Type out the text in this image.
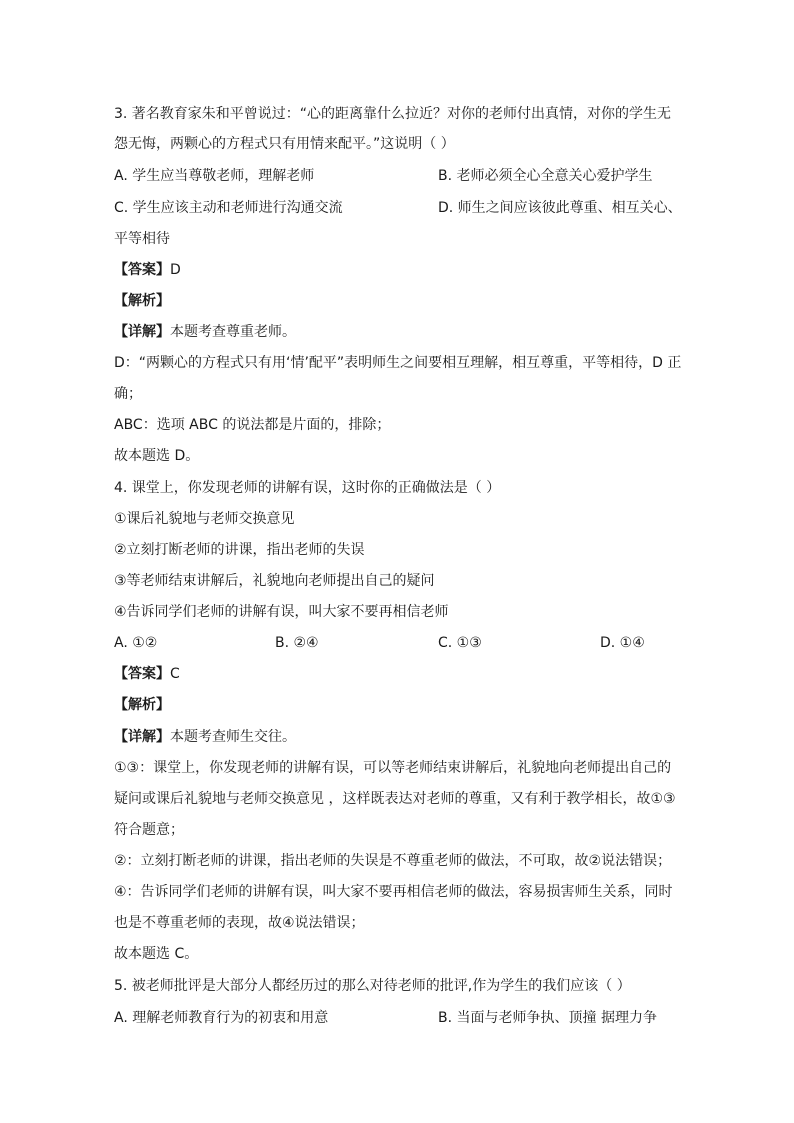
3. 著名教育家朱和平曾说过：“心的距离靠什么拉近？对你的老师付出真情，对你的学生无
怨无悔，两颗心的方程式只有用情来配平。”这说明（ ）
A. 学生应当尊敬老师，理解老师	B. 老师必须全心全意关心爱护学生
C. 学生应该主动和老师进行沟通交流	D. 师生之间应该彼此尊重、相互关心、
平等相待
【答案】D
【解析】
【详解】本题考查尊重老师。
D：“两颗心的方程式只有用‘情’配平”表明师生之间要相互理解，相互尊重，平等相待，D 正
确；
ABC：选项 ABC 的说法都是片面的，排除；
故本题选 D。
4. 课堂上，你发现老师的讲解有误，这时你的正确做法是（ ）
①课后礼貌地与老师交换意见
②立刻打断老师的讲课，指出老师的失误
③等老师结束讲解后，礼貌地向老师提出自己的疑问
④告诉同学们老师的讲解有误，叫大家不要再相信老师
A. ①②	B. ②④	C. ①③	D. ①④
【答案】C
【解析】
【详解】本题考查师生交往。
①③：课堂上，你发现老师的讲解有误，可以等老师结束讲解后，礼貌地向老师提出自己的
疑问或课后礼貌地与老师交换意见 ，这样既表达对老师的尊重，又有利于教学相长，故①③
符合题意；
②：立刻打断老师的讲课，指出老师的失误是不尊重老师的做法，不可取，故②说法错误；
④：告诉同学们老师的讲解有误，叫大家不要再相信老师的做法，容易损害师生关系，同时
也是不尊重老师的表现，故④说法错误；
故本题选 C。
5. 被老师批评是大部分人都经历过的那么对待老师的批评,作为学生的我们应该（ ）
A. 理解老师教育行为的初衷和用意	B. 当面与老师争执、顶撞 据理力争
